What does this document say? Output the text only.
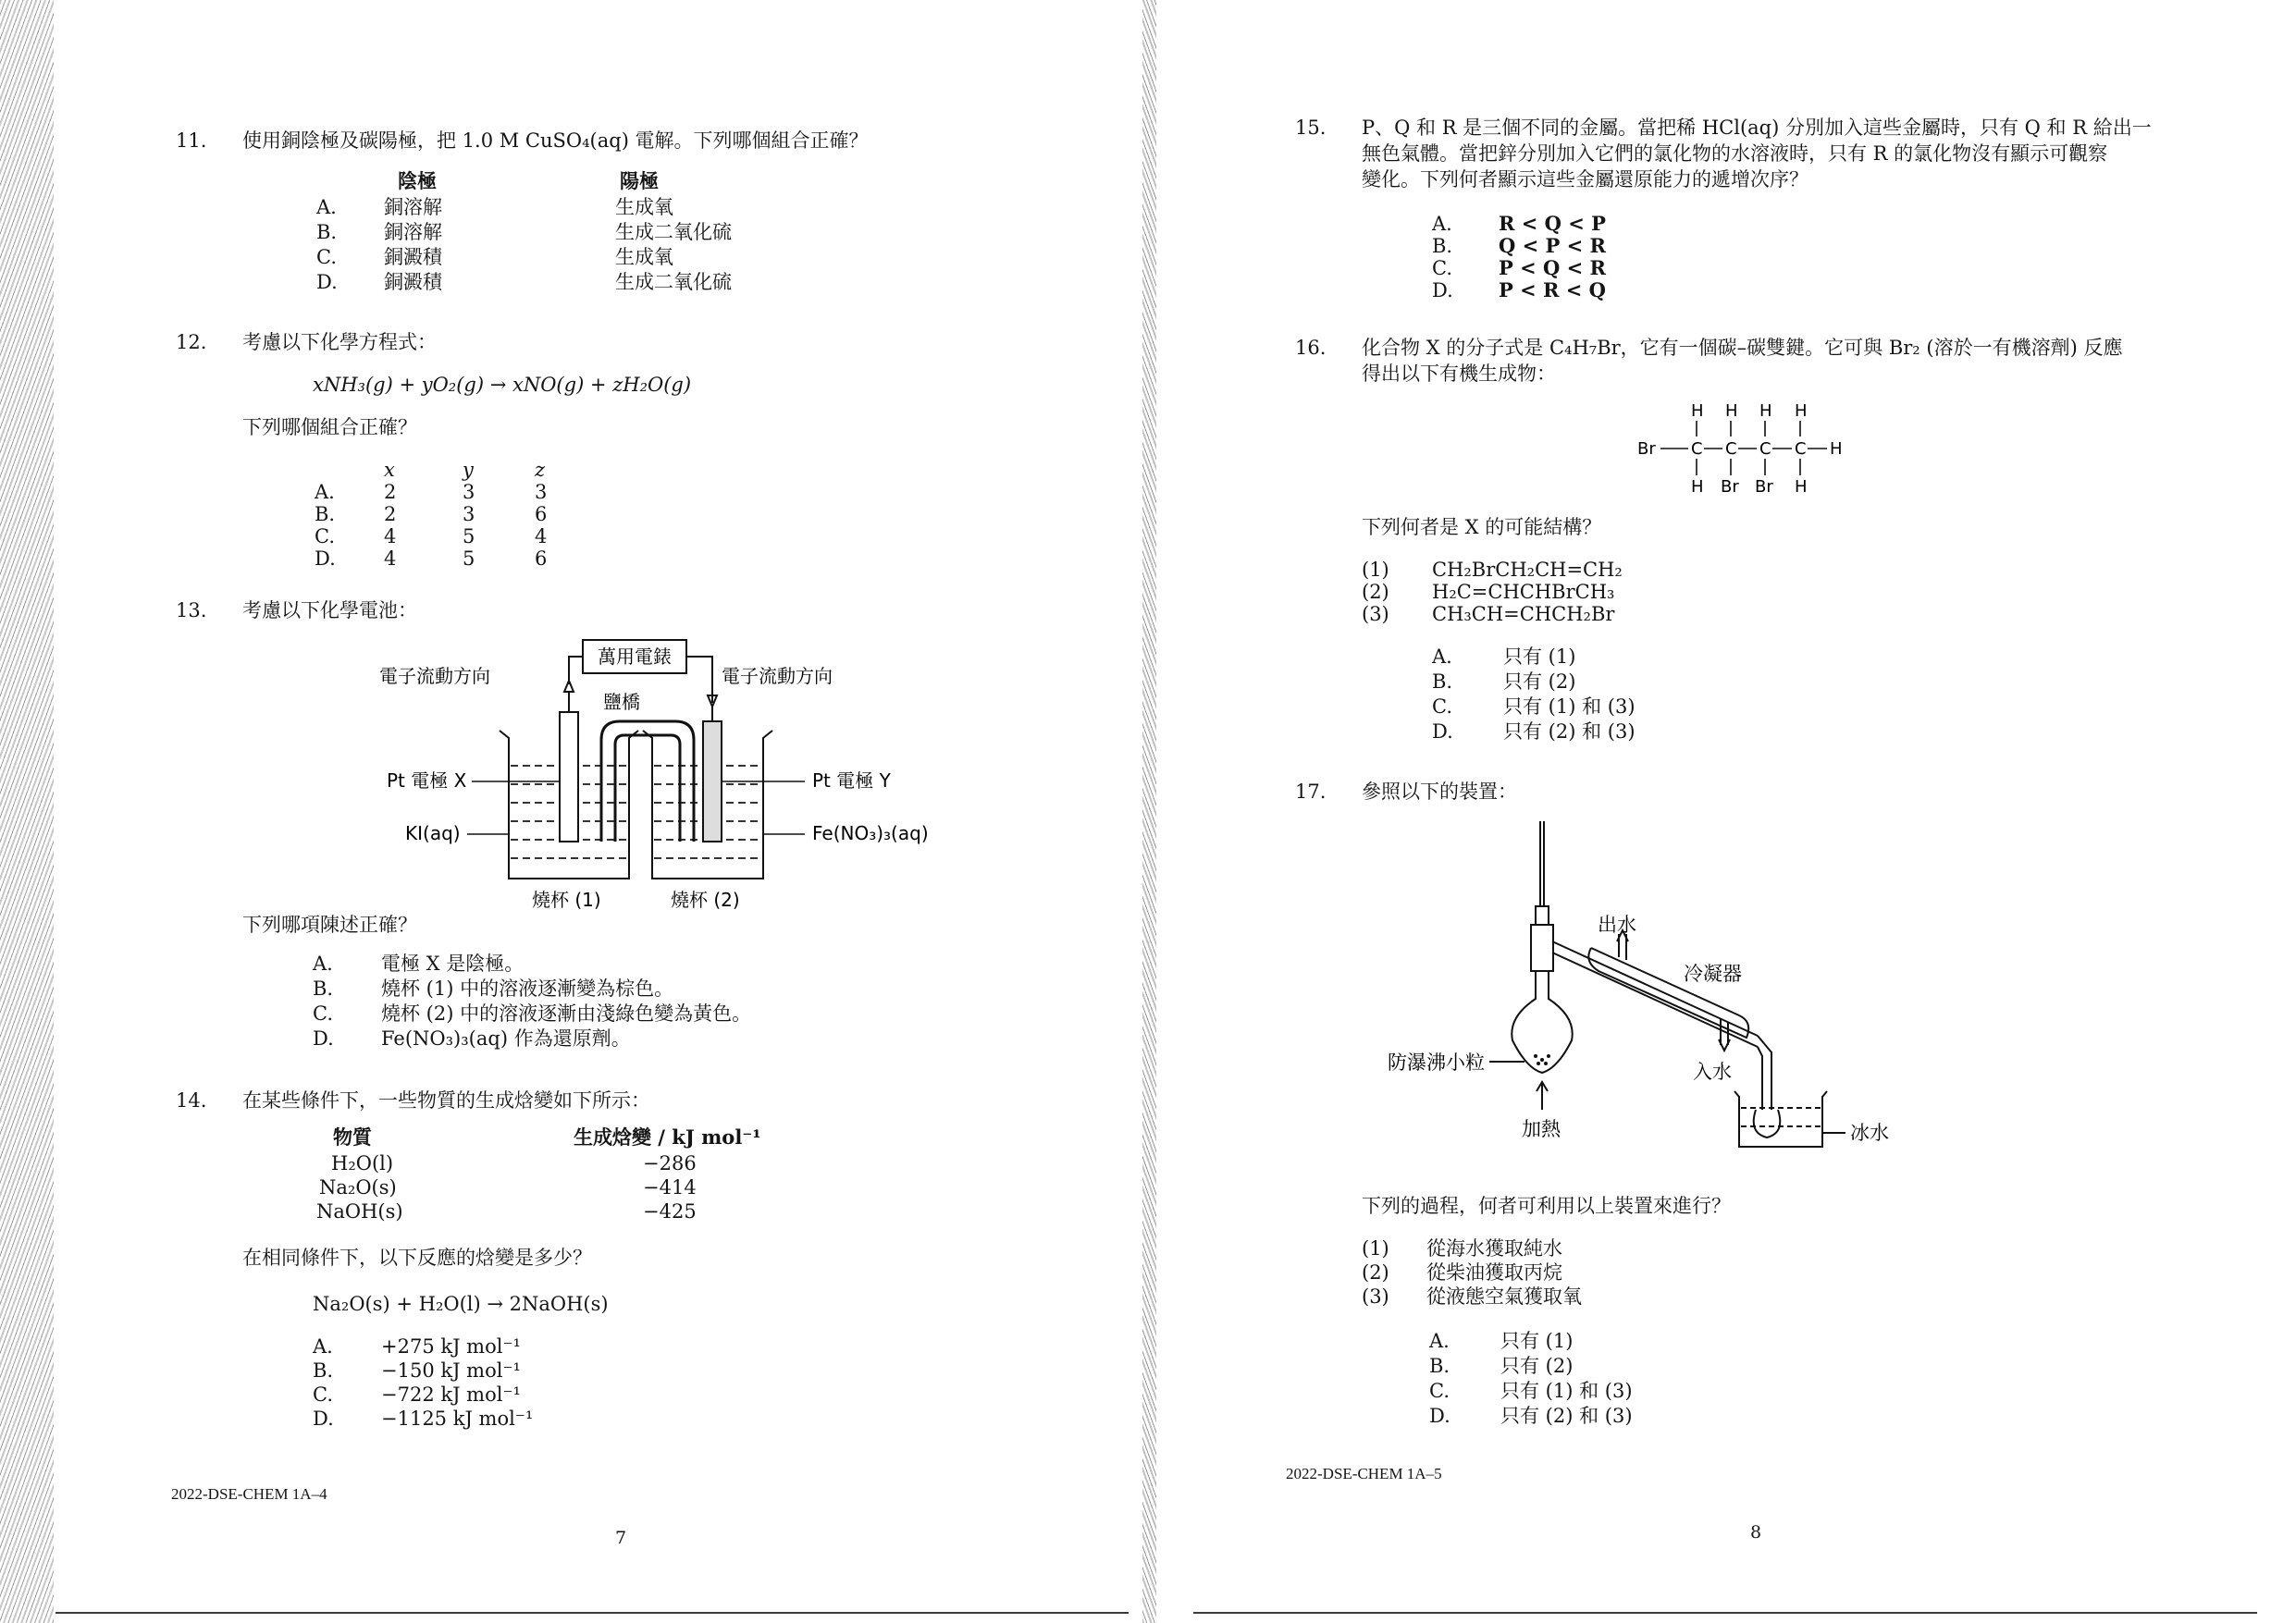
11. 使用銅陰極及碳陽極，把 1.0 M CuSO₄(aq) 電解。下列哪個組合正確？
陰極	陽極
A. 銅溶解	生成氧
B. 銅溶解	生成二氧化硫
C. 銅澱積	生成氧
D. 銅澱積	生成二氧化硫
12. 考慮以下化學方程式：
xNH₃(g) + yO₂(g) → xNO(g) + zH₂O(g)
下列哪個組合正確？
x	y	z
A.	2	3	3
B.	2	3	6
C.	4	5	4
D. 4	5	6
13. 考慮以下化學電池：
萬用電錶
電子流動方向	電子流動方向
鹽橋
Pt 電極 X	Pt 電極 Y
KI(aq)	Fe(NO₃)₃(aq)
燒杯 (1)	燒杯 (2)
下列哪項陳述正確？
A. 電極 X 是陰極。
B. 燒杯 (1) 中的溶液逐漸變為棕色。
C. 燒杯 (2) 中的溶液逐漸由淺綠色變為黃色。
D. Fe(NO₃)₃(aq) 作為還原劑。
14. 在某些條件下，一些物質的生成焓變如下所示：
物質	生成焓變 / kJ mol⁻¹
H₂O(l)	−286
Na₂O(s)	−414
NaOH(s)	−425
在相同條件下，以下反應的焓變是多少？
Na₂O(s) + H₂O(l) → 2NaOH(s)
A. +275 kJ mol⁻¹
B. −150 kJ mol⁻¹
C. −722 kJ mol⁻¹
D. −1125 kJ mol⁻¹
2022-DSE-CHEM 1A–4
7
15. P、Q 和 R 是三個不同的金屬。當把稀 HCl(aq) 分別加入這些金屬時，只有 Q 和 R 給出一
無色氣體。當把鋅分別加入它們的氯化物的水溶液時，只有 R 的氯化物沒有顯示可觀察
變化。下列何者顯示這些金屬還原能力的遞增次序？
A. R < Q < P
B. Q < P < R
C. P < Q < R
D. P < R < Q
16. 化合物 X 的分子式是 C₄H₇Br，它有一個碳–碳雙鍵。它可與 Br₂ (溶於一有機溶劑) 反應
得出以下有機生成物：
H H H H
Br C C C C H
H Br Br H
下列何者是 X 的可能結構？
(1) CH₂BrCH₂CH=CH₂
(2) H₂C=CHCHBrCH₃
(3) CH₃CH=CHCH₂Br
A.	只有 (1)
B.	只有 (2)
C.	只有 (1) 和 (3)
D.	只有 (2) 和 (3)
17. 參照以下的裝置：
出水
冷凝器
防瀑沸小粒	入水
加熱	冰水
下列的過程，何者可利用以上裝置來進行？
(1) 從海水獲取純水
(2) 從柴油獲取丙烷
(3) 從液態空氣獲取氧
A.	只有 (1)
B.	只有 (2)
C.	只有 (1) 和 (3)
D.	只有 (2) 和 (3)
2022-DSE-CHEM 1A–5
8
